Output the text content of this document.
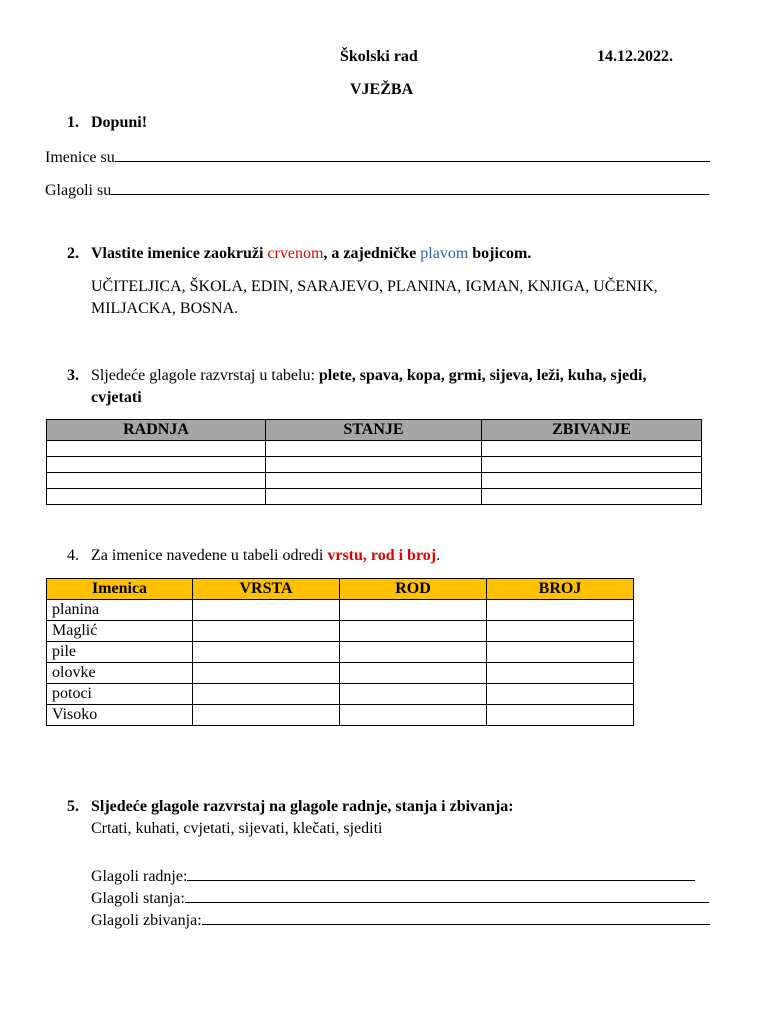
Školski rad	14.12.2022.
VJEŽBA
1. Dopuni!
Imenice su
Glagoli su
2. Vlastite imenice zaokruži crvenom, a zajedničke plavom bojicom.
UČITELJICA, ŠKOLA, EDIN, SARAJEVO, PLANINA, IGMAN, KNJIGA, UČENIK,
MILJACKA, BOSNA.
3. Sljedeće glagole razvrstaj u tabelu: plete, spava, kopa, grmi, sijeva, leži, kuha, sjedi,
cvjetati
RADNJA	STANJE	ZBIVANJE

4. Za imenice navedene u tabeli odredi vrstu, rod i broj.
Imenica	VRSTA	ROD	BROJ
planina			
Maglić			
pile			
olovke			
potoci			
Visoko			
5. Sljedeće glagole razvrstaj na glagole radnje, stanja i zbivanja:
Crtati, kuhati, cvjetati, sijevati, klečati, sjediti
Glagoli radnje:
Glagoli stanja:
Glagoli zbivanja:
